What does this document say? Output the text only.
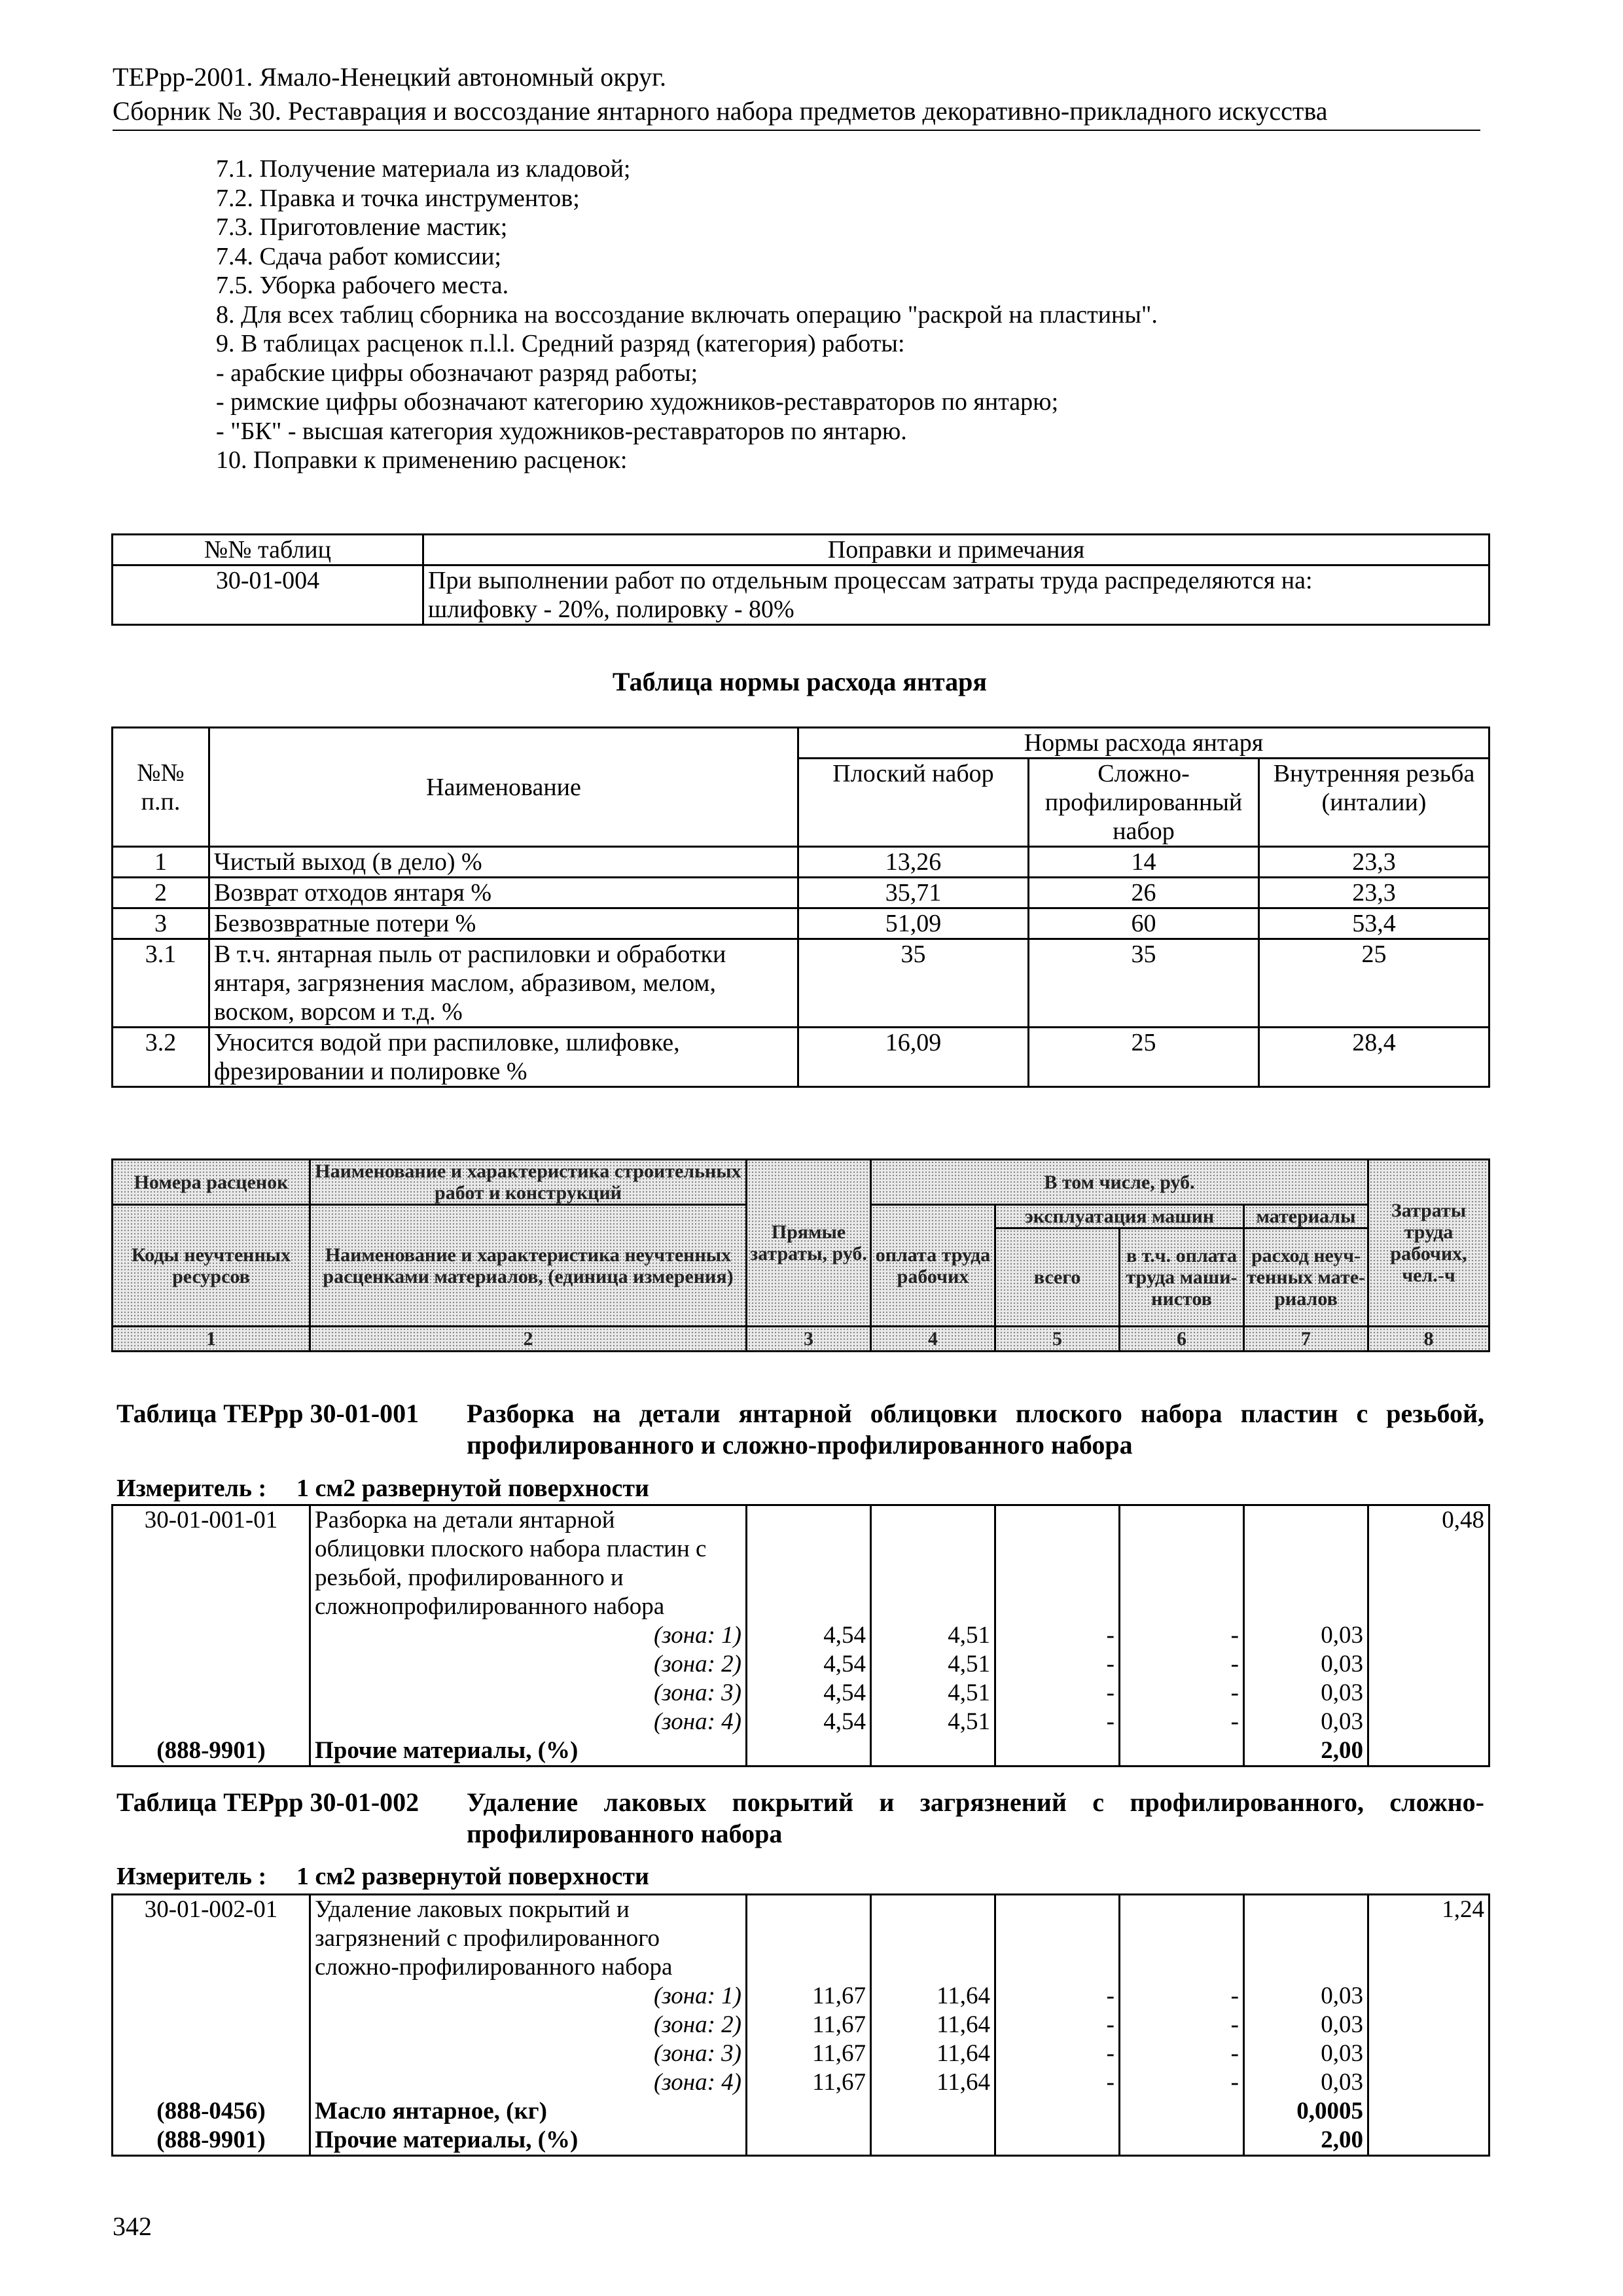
ТЕРрр-2001. Ямало-Ненецкий автономный округ.
Сборник № 30. Реставрация и воссоздание янтарного набора предметов декоративно-прикладного искусства
7.1. Получение материала из кладовой;
7.2. Правка и точка инструментов;
7.3. Приготовление мастик;
7.4. Сдача работ комиссии;
7.5. Уборка рабочего места.
8. Для всех таблиц сборника на воссоздание включать операцию "раскрой на пластины".
9. В таблицах расценок п.l.l. Средний разряд (категория) работы:
- арабские цифры обозначают разряд работы;
- римские цифры обозначают категорию художников-реставраторов по янтарю;
- "БК" - высшая категория художников-реставраторов по янтарю.
10. Поправки к применению расценок:
№№ таблиц	Поправки и примечания
30-01-004	При выполнении работ по отдельным процессам затраты труда распределяются на:
шлифовку - 20%, полировку - 80%
Таблица нормы расхода янтаря
№№ п.п.	Наименование	Нормы расхода янтаря		
		Плоский набор	Сложно-профилированный набор	Внутренняя резьба (инталии)
1	Чистый выход (в дело) %	13,26	14	23,3
2	Возврат отходов янтаря %	35,71	26	23,3
3	Безвозвратные потери %	51,09	60	53,4
3.1	В т.ч. янтарная пыль от распиловки и обработки янтаря, загрязнения маслом, абразивом, мелом, воском, ворсом и т.д. %	35	35	25
3.2	Уносится водой при распиловке, шлифовке, фрезировании и полировке %	16,09	25	28,4
Номера расценок	Наименование и характеристика строительных работ и конструкций	Прямые затраты, руб.	В том числе, руб.				Затраты труда рабочих, чел.-ч
Коды неучтенных ресурсов	Наименование и характеристика неучтенных расценками материалов, (единица измерения)		оплата труда рабочих	эксплуатация машин		материалы	
				всего	в т.ч. оплата труда маши-нистов	расход неуч-тенных мате-риалов	
1	2	3	4	5	6	7	8
Таблица ТЕРрр 30-01-001 Разборка на детали янтарной облицовки плоского набора пластин с резьбой, профилированного и сложно-профилированного набора
Измеритель : 1 см2 развернутой поверхности
30-01-001-01	Разборка на детали янтарной
облицовки плоского набора пластин с
резьбой, профилированного и
сложнопрофилированного набора						0,48
	(зона: 1)	4,54	4,51	-	-	0,03	
	(зона: 2)	4,54	4,51	-	-	0,03	
	(зона: 3)	4,54	4,51	-	-	0,03	
	(зона: 4)	4,54	4,51	-	-	0,03	
(888-9901)	Прочие материалы, (%)					2,00	
Таблица ТЕРрр 30-01-002 Удаление лаковых покрытий и загрязнений с профилированного, сложно-профилированного набора
Измеритель : 1 см2 развернутой поверхности
30-01-002-01	Удаление лаковых покрытий и
загрязнений с профилированного
сложно-профилированного набора						1,24
	(зона: 1)	11,67	11,64	-	-	0,03	
	(зона: 2)	11,67	11,64	-	-	0,03	
	(зона: 3)	11,67	11,64	-	-	0,03	
	(зона: 4)	11,67	11,64	-	-	0,03	
(888-0456)	Масло янтарное, (кг)					0,0005	
(888-9901)	Прочие материалы, (%)					2,00	
342
